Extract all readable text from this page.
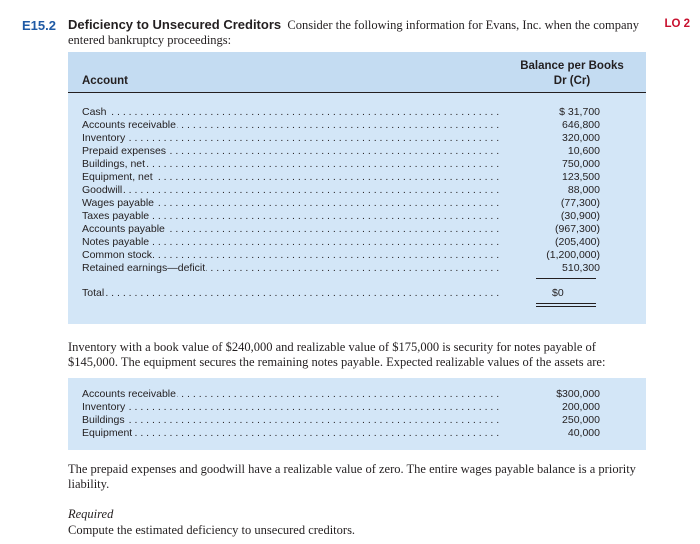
E15.2	LO 2
Deficiency to Unsecured Creditors Consider the following information for Evans, Inc. when the company entered bankruptcy proceedings:
Account
Balance per Books
Dr (Cr)
. . .
Cash	$ 31,700
. . .
Accounts receivable	646,800
. . .
Inventory	320,000
. . .
Prepaid expenses	10,600
. . .
Buildings, net	750,000
. . .
Equipment, net	123,500
. . .
Goodwill	88,000
. . .
Wages payable	(77,300)
. . .
Taxes payable	(30,900)
. . .
Accounts payable	(967,300)
. . .
Notes payable	(205,400)
. . .
Common stock	(1,200,000)
. . .
Retained earnings—deficit	510,300
. . .
Total	$0
Inventory with a book value of $240,000 and realizable value of $175,000 is security for notes payable of $145,000. The equipment secures the remaining notes payable. Expected realizable values of the assets are:
. . .
Accounts receivable	$300,000
. . .
Inventory	200,000
. . .
Buildings	250,000
. . .
Equipment	40,000
The prepaid expenses and goodwill have a realizable value of zero. The entire wages payable balance is a priority liability.
Required
Compute the estimated deficiency to unsecured creditors.
